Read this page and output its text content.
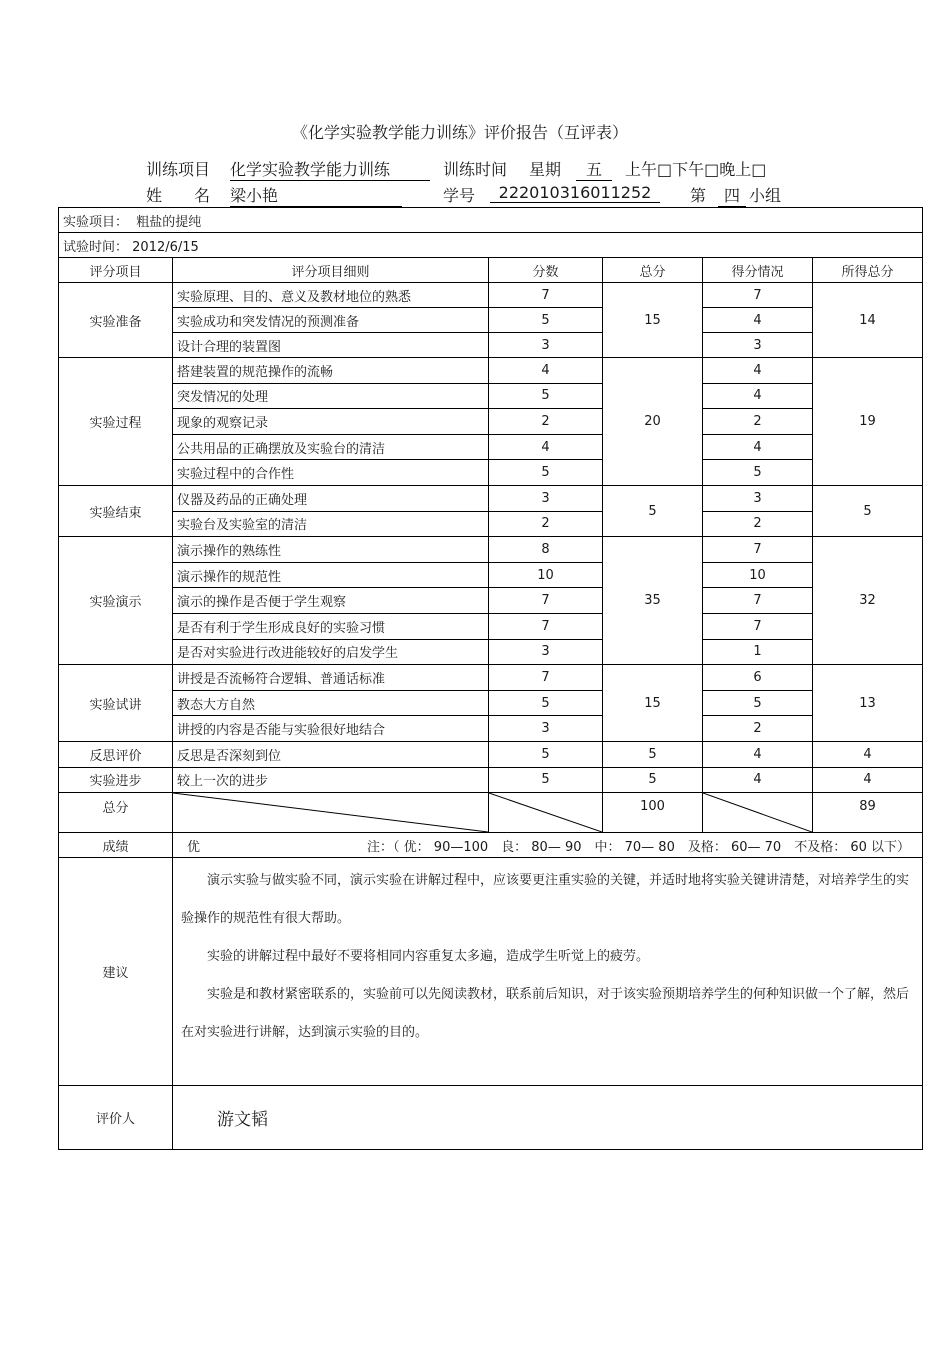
《化学实验教学能力训练》评价报告（互评表）
训练项目 化学实验教学能力训练	训练时间 星期	五	上午□下午□晚上□
姓　　名 梁小艳	学号	222010316011252	第	四 小组
实验项目： 粗盐的提纯					
试验时间： 2012/6/15					
评分项目	评分项目细则	分数	总分	得分情况	所得总分
实验准备	实验原理、目的、意义及教材地位的熟悉	7	15	7	14
	实验成功和突发情况的预测准备	5		4	
	设计合理的装置图	3		3	
实验过程	搭建装置的规范操作的流畅	4	20	4	19
	突发情况的处理	5		4	
	现象的观察记录	2		2	
	公共用品的正确摆放及实验台的清洁	4		4	
	实验过程中的合作性	5		5	
实验结束	仪器及药品的正确处理	3	5	3	5
	实验台及实验室的清洁	2		2	
实验演示	演示操作的熟练性	8	35	7	32
	演示操作的规范性	10		10	
	演示的操作是否便于学生观察	7		7	
	是否有利于学生形成良好的实验习惯	7		7	
	是否对实验进行改进能较好的启发学生	3		1	
实验试讲	讲授是否流畅符合逻辑、普通话标准	7	15	6	13
	教态大方自然	5		5	
	讲授的内容是否能与实验很好地结合	3		2	
反思评价	反思是否深刻到位	5	5	4	4
实验进步	较上一次的进步	5	5	4	4
总分			100		89
成绩	优 注：（ 优： 90—100　良： 80— 90　中： 70— 80　及格： 60— 70　不及格： 60 以下）				

建议	演示实验与做实验不同，演示实验在讲解过程中，应该要更注重实验的关键，并适时地将实验关键讲清楚，对培养学生的实验操作的规范性有很大帮助。

实验的讲解过程中最好不要将相同内容重复太多遍，造成学生听觉上的疲劳。

实验是和教材紧密联系的，实验前可以先阅读教材，联系前后知识，对于该实验预期培养学生的何种知识做一个了解，然后在对实验进行讲解，达到演示实验的目的。				

评价人	游文韬				
